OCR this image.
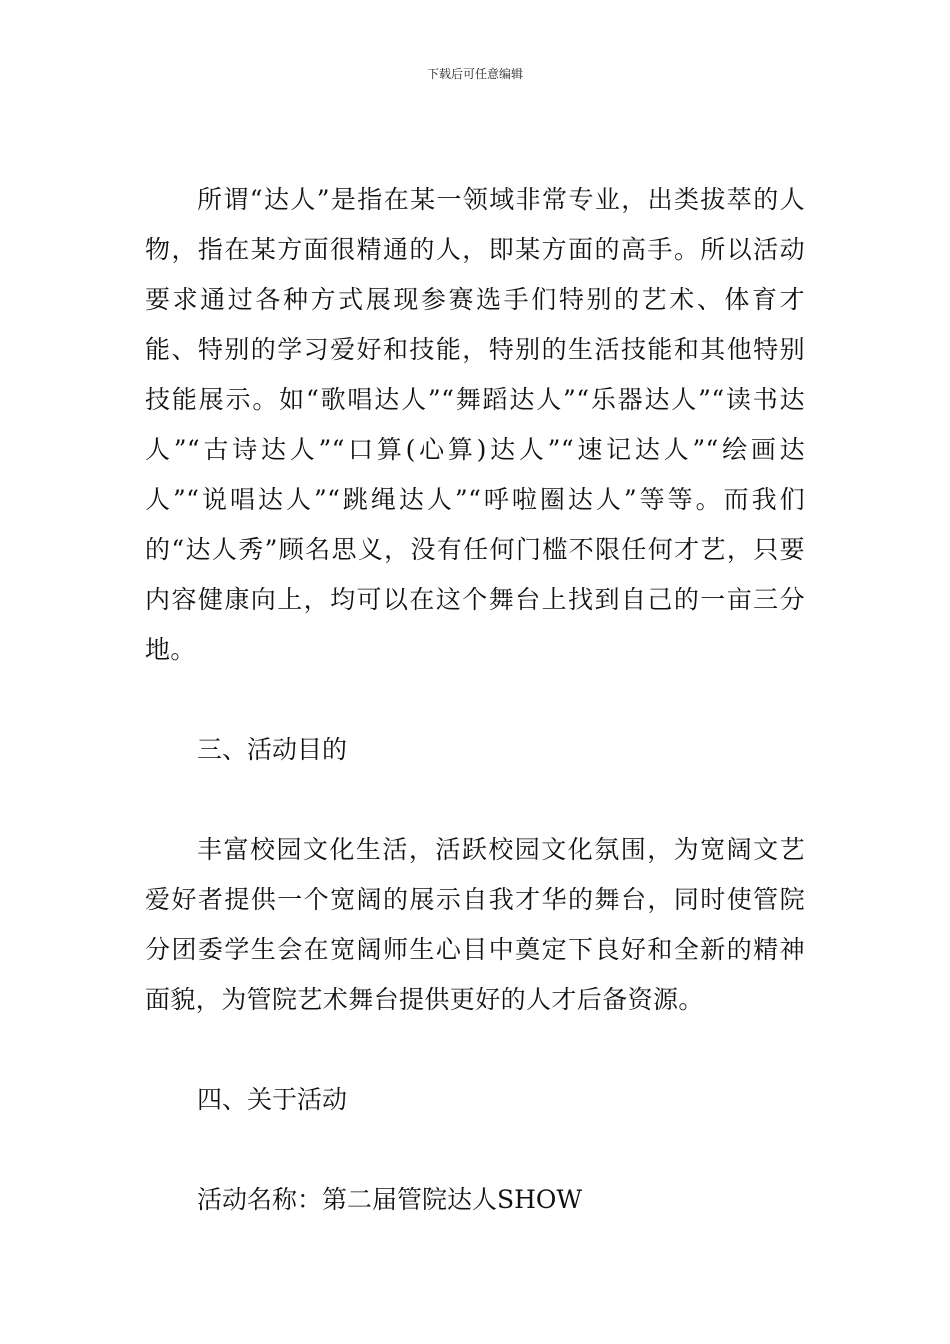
下载后可任意编辑

所谓“达人”是指在某一领域非常专业，出类拔萃的人物，指在某方面很精通的人，即某方面的高手。所以活动要求通过各种方式展现参赛选手们特别的艺术、体育才能、特别的学习爱好和技能，特别的生活技能和其他特别技能展示。如“歌唱达人”“舞蹈达人”“乐器达人”“读书达人”“古诗达人”“口算(心算)达人”“速记达人”“绘画达人”“说唱达人”“跳绳达人”“呼啦圈达人”等等。而我们的“达人秀”顾名思义，没有任何门槛不限任何才艺，只要内容健康向上，均可以在这个舞台上找到自己的一亩三分地。

三、活动目的

丰富校园文化生活，活跃校园文化氛围，为宽阔文艺爱好者提供一个宽阔的展示自我才华的舞台，同时使管院分团委学生会在宽阔师生心目中奠定下良好和全新的精神面貌，为管院艺术舞台提供更好的人才后备资源。

四、关于活动

活动名称：第二届管院达人SHOW
